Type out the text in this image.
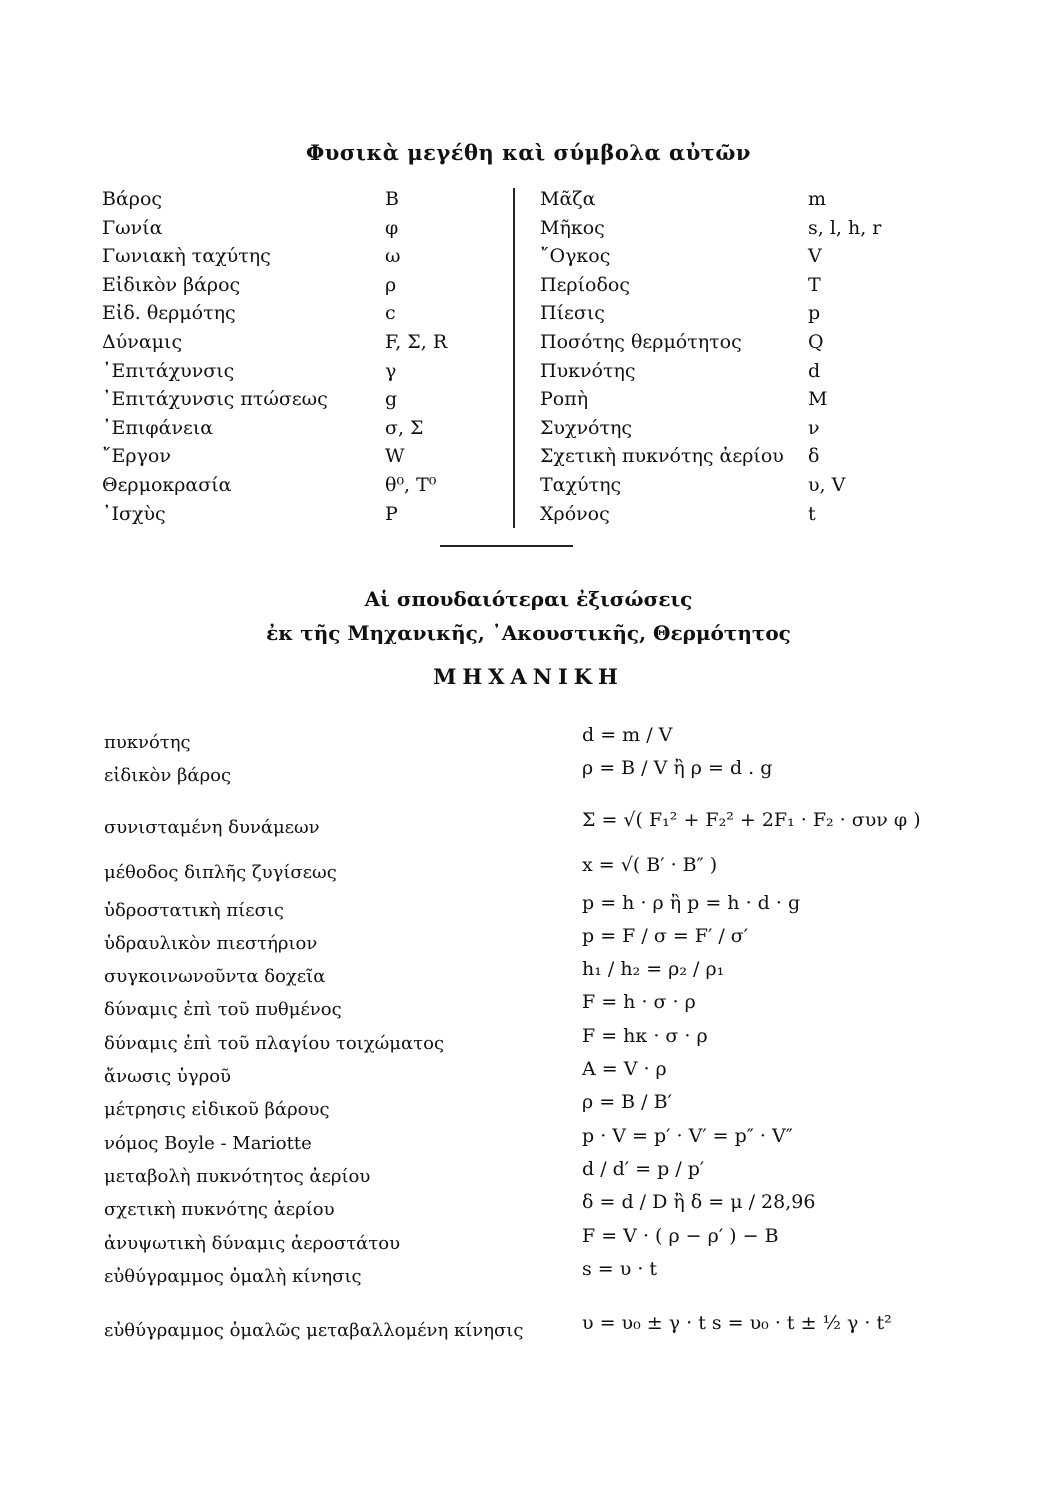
Φυσικὰ μεγέθη καὶ σύμβολα αὐτῶν
Βάρος	B
Γωνία	φ
Γωνιακὴ ταχύτης	ω
Εἰδικὸν βάρος	ρ
Εἰδ. θερμότης	c
Δύναμις	F, Σ, R
᾿Επιτάχυνσις	γ
᾿Επιτάχυνσις πτώσεως	g
᾿Επιφάνεια	σ, Σ
῎Εργον	W
Θερμοκρασία	θ⁰, T⁰
᾿Ισχὺς	P
Μᾶζα	m
Μῆκος	s, l, h, r
῎Ογκος	V
Περίοδος	T
Πίεσις	p
Ποσότης θερμότητος	Q
Πυκνότης	d
Ροπὴ	M
Συχνότης	ν
Σχετικὴ πυκνότης ἀερίου δ
Ταχύτης	υ, V
Χρόνος	t
Αἱ σπουδαιότεραι ἐξισώσεις
ἐκ τῆς Μηχανικῆς, ᾿Ακουστικῆς, Θερμότητος
ΜΗΧΑΝΙΚΗ
πυκνότης	d = m / V
εἰδικὸν βάρος	ρ = B / V ἢ ρ = d . g
συνισταμένη δυνάμεων	Σ = √( F₁² + F₂² + 2F₁ · F₂ · συν φ )
μέθοδος διπλῆς ζυγίσεως	x = √( B′ · B″ )
ὑδροστατικὴ πίεσις	p = h · ρ ἢ p = h · d · g
ὑδραυλικὸν πιεστήριον	p = F / σ = F′ / σ′
συγκοινωνοῦντα δοχεῖα	h₁ / h₂ = ρ₂ / ρ₁
δύναμις ἐπὶ τοῦ πυθμένος	F = h · σ · ρ
δύναμις ἐπὶ τοῦ πλαγίου τοιχώματος	F = hκ · σ · ρ
ἄνωσις ὑγροῦ	A = V · ρ
μέτρησις εἰδικοῦ βάρους	ρ = B / B′
νόμος Boyle - Mariotte	p · V = p′ · V′ = p″ · V″
μεταβολὴ πυκνότητος ἀερίου	d / d′ = p / p′
σχετικὴ πυκνότης ἀερίου	δ = d / D ἢ δ = μ / 28,96
ἀνυψωτικὴ δύναμις ἀεροστάτου	F = V · ( ρ − ρ′ ) − B
εὐθύγραμμος ὁμαλὴ κίνησις	s = υ · t
εὐθύγραμμος ὁμαλῶς μεταβαλλομένη κίνησις	υ = υ₀ ± γ · t s = υ₀ · t ± ½ γ · t²
